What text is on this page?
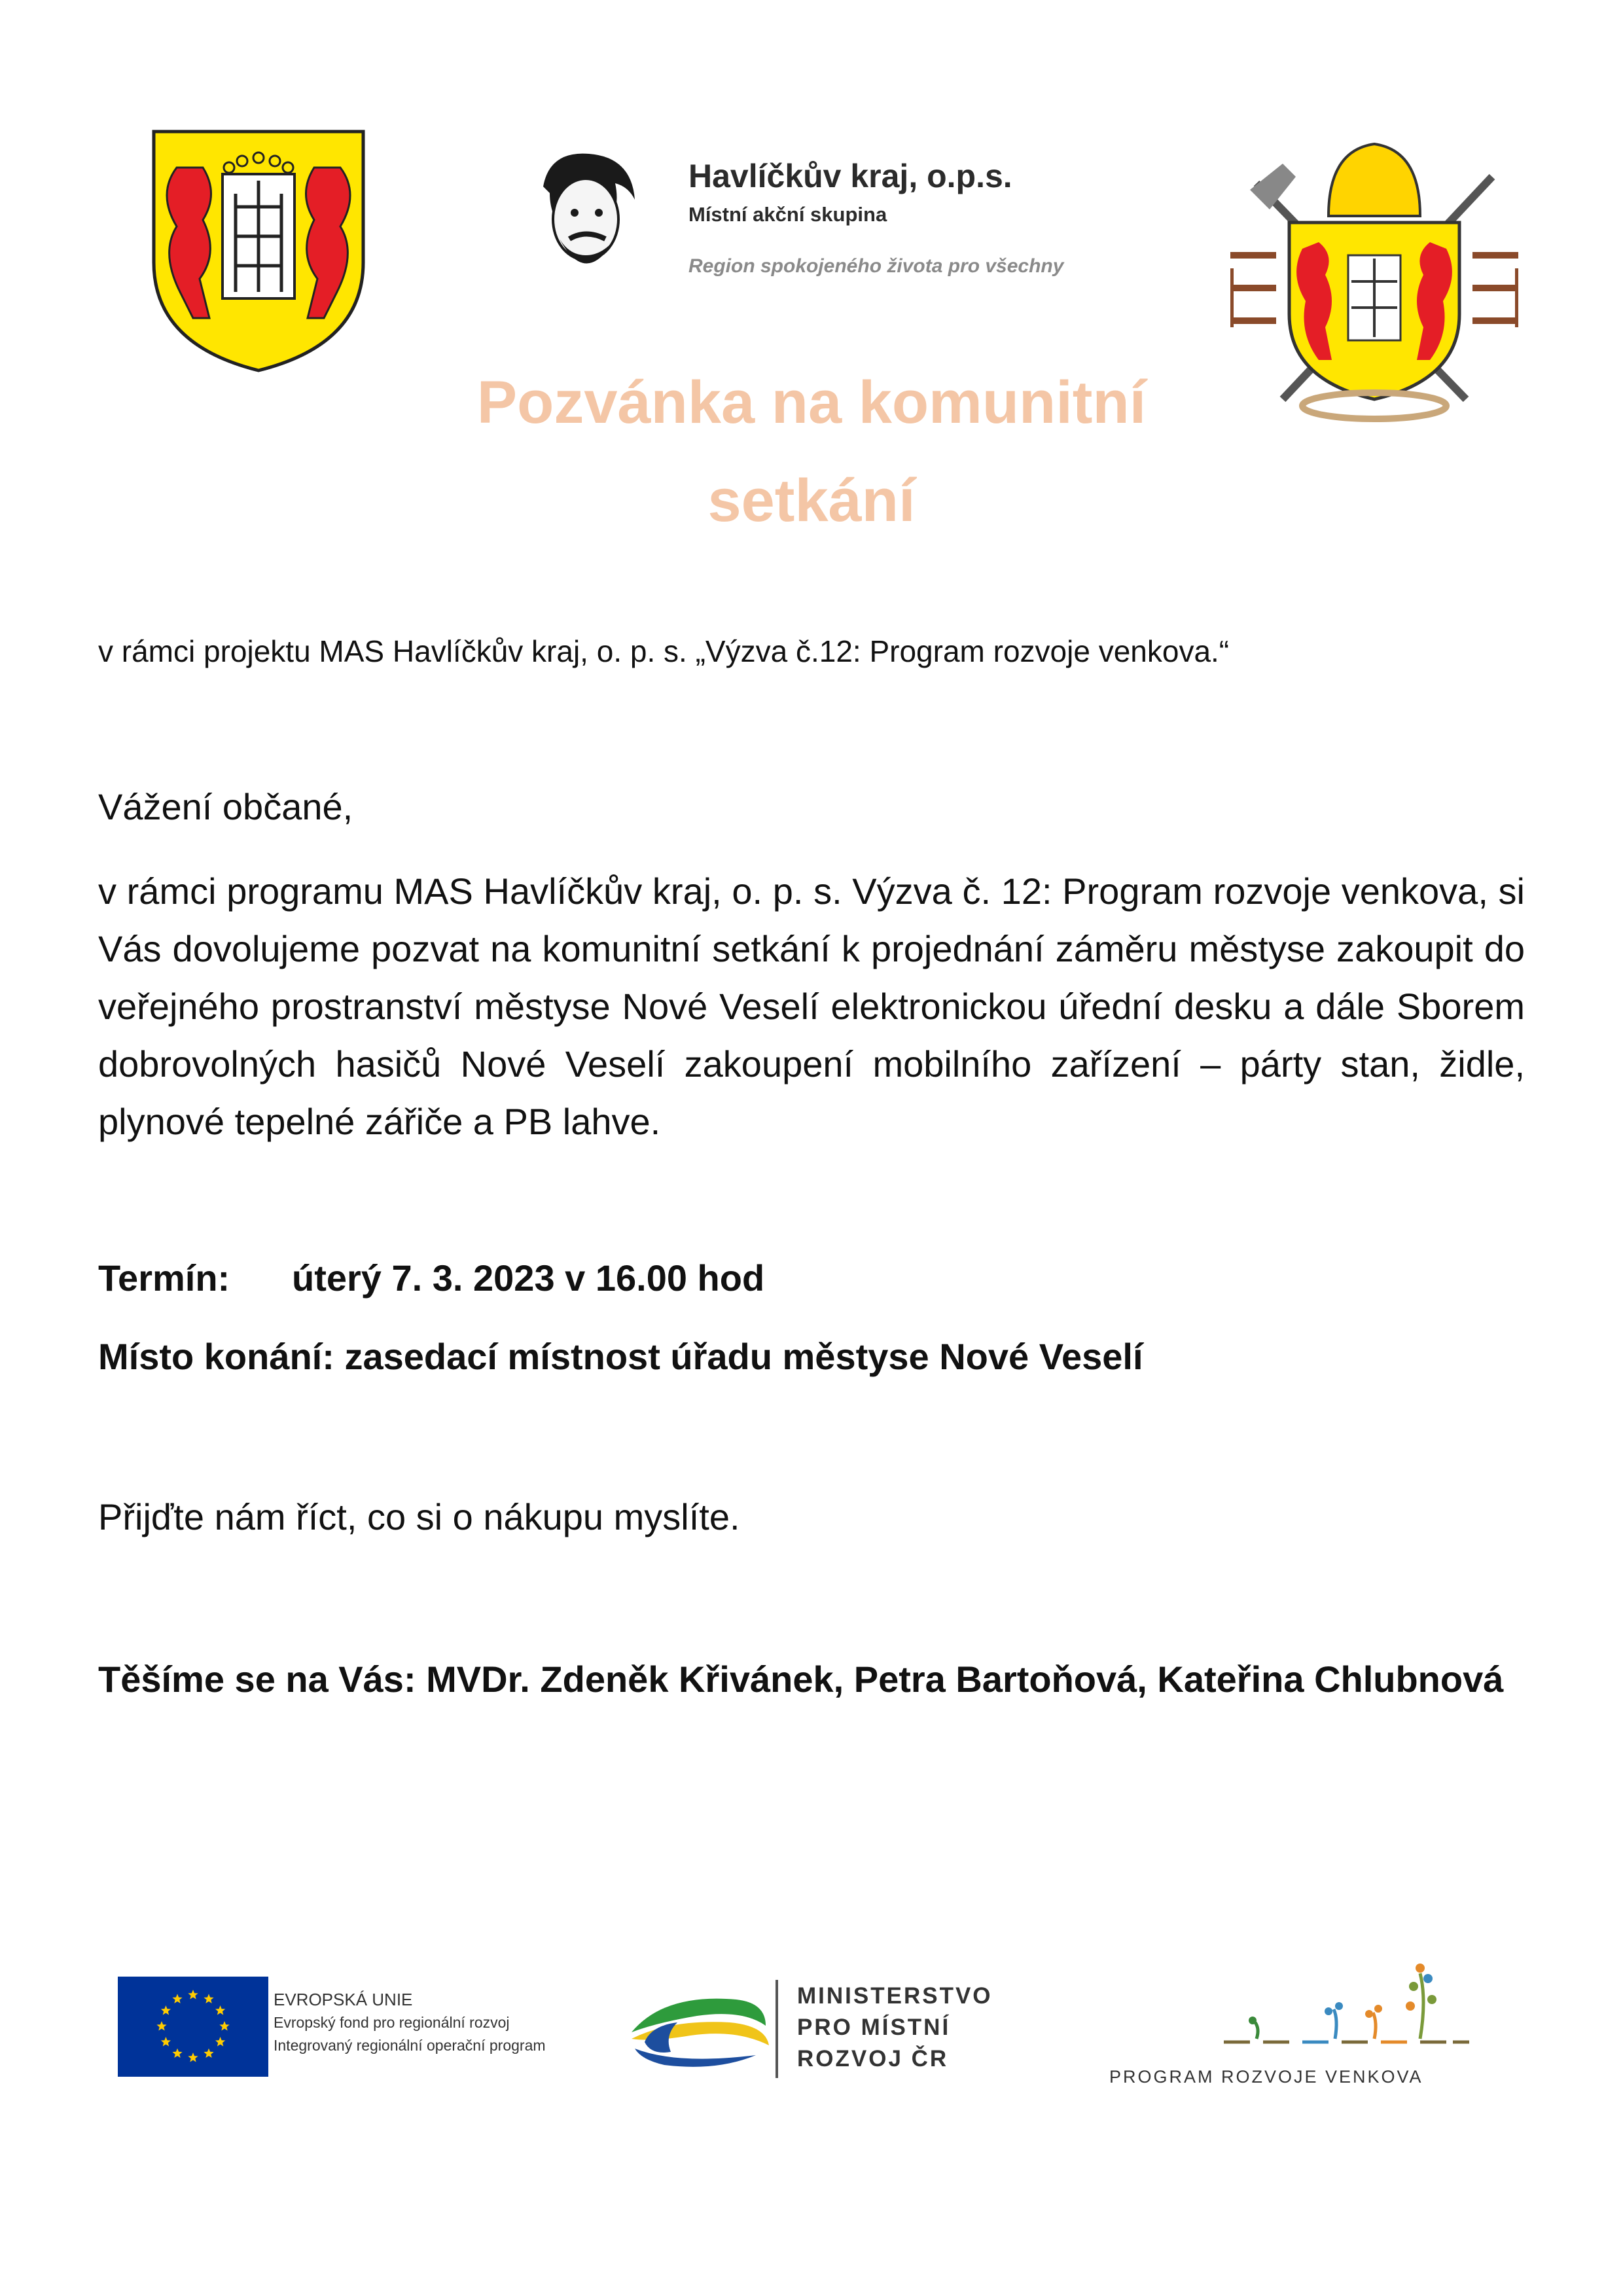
Havlíčkův kraj, o.p.s.
Místní akční skupina
Region spokojeného života pro všechny
Pozvánka na komunitní
setkání
v rámci projektu MAS Havlíčkův kraj, o. p. s. „Výzva č.12: Program rozvoje venkova.“
Vážení občané,
v rámci programu MAS Havlíčkův kraj, o. p. s. Výzva č. 12: Program rozvoje venkova, si Vás dovolujeme pozvat na komunitní setkání k projednání záměru městyse zakoupit do veřejného prostranství městyse Nové Veselí elektronickou úřední desku a dále Sborem dobrovolných hasičů Nové Veselí zakoupení mobilního zařízení – párty stan, židle, plynové tepelné zářiče a PB lahve.
Termín: úterý 7. 3. 2023 v 16.00 hod
Místo konání: zasedací místnost úřadu městyse Nové Veselí
Přijďte nám říct, co si o nákupu myslíte.
Těšíme se na Vás: MVDr. Zdeněk Křivánek, Petra Bartoňová, Kateřina Chlubnová
EVROPSKÁ UNIE
Evropský fond pro regionální rozvoj
Integrovaný regionální operační program
MINISTERSTVO
PRO MÍSTNÍ
ROZVOJ ČR
PROGRAM ROZVOJE VENKOVA
